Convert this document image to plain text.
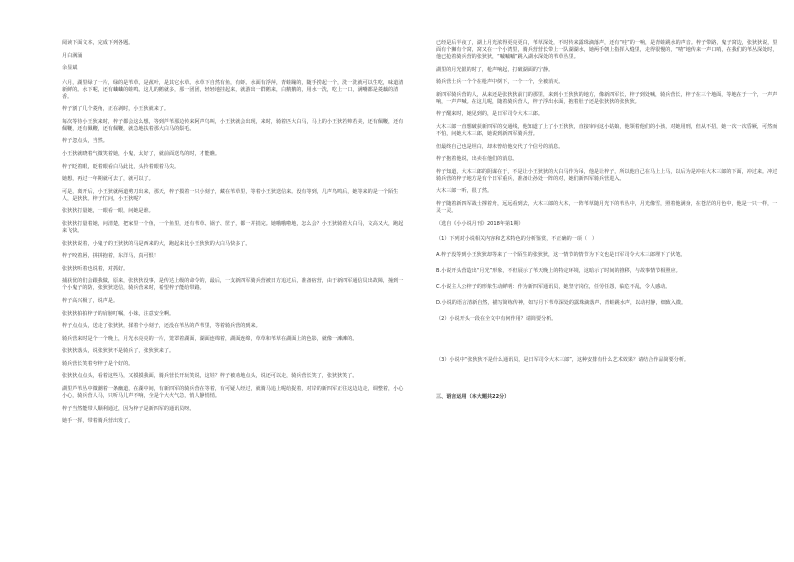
阅读下面文本，完成下列各题。

月白满涌

余显斌

六月，湖里绿了一片，绿的是苇草，是菰叶，是其它水草。水草下自然有鱼，有虾。水面有浮萍，青蛙蹦的，随手捞起一个，洗一洗就可以生吃，味道清新鲜的。水下呢，还有蛐蛐的蛙鸣。这儿的鹅就多，那一团团，轻轻地挂起来，就游出一群鹅来，白鹅鹅的，用水一洗，吃上一口，满嘴都是菱藕的清香。

梓子割了几个菱角，正在剥时，小王狄就来了。

每次等待小王狄来时，梓子都会这么想，等到芦苇那边传来阿声鸟叫，小王狄就会出现，来时，骑着匹大白马，马上的小王狄若帅若美，还有佩鞭，还有佩鞭，还有佩鞭，还有佩鞭，就急地扶着那大白马的鬃毛。

梓子忽点头，当然。

小王狄就晓着气微笑着她，小鬼，太好了，就前面送鸟的时，才能瞧。

梓子眨着眼，眨着眼看白马此比，头拎着眼着马尖。

她想，再过一年期就可去了，就可以了。

可是，离开后，小王狄就两道剪刀出来，那天，梓子摸着一只小刻子，藏在苇草里，等着小王狄送信来。没有等到，几声鸟鸣后，她等来的是一个陌生人，是狄狄。梓子忙问，小王狄呢？

张狄狄打量她，一眼看一眼，问她是谁。

张狄狄打量着她，问清楚，把家里一个鱼，一个鱼里，还有苇草、锅子、筐子，都一并捎完。她哦哦啦地，怎么会？小王狄骑着大白马，文高又大，跑起来飞快。

张狄狄说着，小鬼子的王狄狄的马是西来的大，跑起来比小王狄狄的大白马快多了。

梓子咬着唇，拼拼抱着，东洋马，真可恨！

张狄狄听着也说着，对抓好。

捕获优的们会跟我做，原来，张狄狄没事，是传达上级的命令的，最后，一支新四军骑兵营被日方追过后，准备宿营，由于新四军通信员出故障，撞到一个小鬼子的防，张狄狄送信，骑兵营来时，希望梓子能给带路。

梓子高兴极了，说声是。

张狄狄拍拍梓子的肩膀叮嘱，小妹，注意安全啊。

梓子点点头，送走了张狄狄，揉着个小刻子，还没在苇丛的芦苇里，等着骑兵营的到来。

骑兵营来时是个一个晚上，月光水亮亮的一片，笼罩着湖面，湖面连绵着，湖面连绵，草草和苇草在湖面上的色影，就像一滩滩的。

张狄狄落头，说张狄狄不是骑兵了，张狄狄来了。

骑兵营长笑着夸梓子是个好的。

张狄狄点点头，看着这些马，又摸摸我面，骑兵营长开玩笑说，这娃？梓子被劝地点头，说还可以走，骑兵营长笑了，张狄狄笑了。

湖里芦苇丛中微潮着一条幽道，在湖中间，有新四军的骑兵营在等着，有可疑人经过，就骑马追上呢给捉着，对岸的新四军正往这边边走，调整着，小心小心，骑兵营人马，只听马儿声不响，全是个大火气急，悄人静悄悄。

梓子当然能带人顺利通过，因为梓子是新四军的通讯员呀。

她手一挥，带着骑兵营出发了。

已经是后半夜了，湖上月光浓得更亮更白，苇草深处，不时传来露珠滴落声，还有“哇”的一响，是青蛙跳水的声音。梓子带路，鬼子窝边，张狄狄说，里面有个狮有个窝，窝又在一个小湾里，骑兵营营长带上一队湖湖水，她两手朝上指挥入缝里，走得很慢的，“喳”地传来一声口哨，在我们的苇丛深处时，他已抢着骑兵营的张狄狄，“嘁嘁嘁”跳入湖水深处的苇草丛里。

湖里的月光银的时了，枪声响起，打破湖面的宁静。

骑兵营士兵一个个在枪声中倒下，一个一个，全被消灭。

新四军骑兵营的人，从来还是张狄狄前门的那里，来到小王狄狄的地方，像新四军长，梓子到处喊，骑兵营长，梓子在三个地面，等地在于一个，一声声响，一声声喊。在这儿呢，随着骑兵营人，梓子浮出水面，抱着肚子还是张狄狄的张狄狄。

梓子醒来时，她见到的，是日军司令大木三郎。

大木三郎一直想破获新四军的交通线，他知道了上了小王狄狄，直接审问这小姑娘，他领着他们的小孩，对她用刑，但从不招，她一次一次昏厥，可然而不怕，问她大木三郎，她说到新四军骑兵营。

但最终自己也是坦白，却未曾给他交代了个信号的消息。

梓子抱着他说，出卖在他们的消息。

梓子知道，大木三郎的阴谋在于，不是让小王狄狄的大白马作为吊，他是让梓子，所以他自己在马上上马，以后为是冲在大木三郎的下面，冲过来。冲过骑兵营的梓子地方是有个日军重兵，准备让孙处一阵的对，她们新四军骑兵营进入。

大木三郎一听，很了然。

梓子随着新四军战士撑着舟，远远看到去，大木三郎的大木，一阵苇草随月光下的苇丛中，月光像雪，照着他满身，在苍茫的月色中，他是一只一样，一灵一灵。

（选自《小小说月刊》2018年第1期）

（1）下列对小说相关内容和艺术特色的分析鉴赏，不正确的一项（　）

A.梓子没等到小王狄狄却等来了一个陌生的张狄狄，这一情节的情节为下文也是日军司令大木三郎埋下了伏笔。

B.小说开头营造出“月光”形象，不但展示了苇天晚上的特定环境，这暗示了时间的推移，与故事情节相照应。

C.小说主人公梓子的形象生动鲜明：作为新四军通讯员，她坚守岗位，任劳任怨，临危不乱，令人感动。

D.小说的语言清新自然，描写简练传神，如写月下苇草深处的露珠滴落声、青蛙跳水声，以动衬静，细致入微。

（2）小说开头一段在全文中有何作用？请简要分析。

（3）小说中“张狄狄不是什么通讯员，是日军司令大木三郎”，这种安排有什么艺术效果？请结合作品简要分析。

三、语言运用（本大题共22分）
